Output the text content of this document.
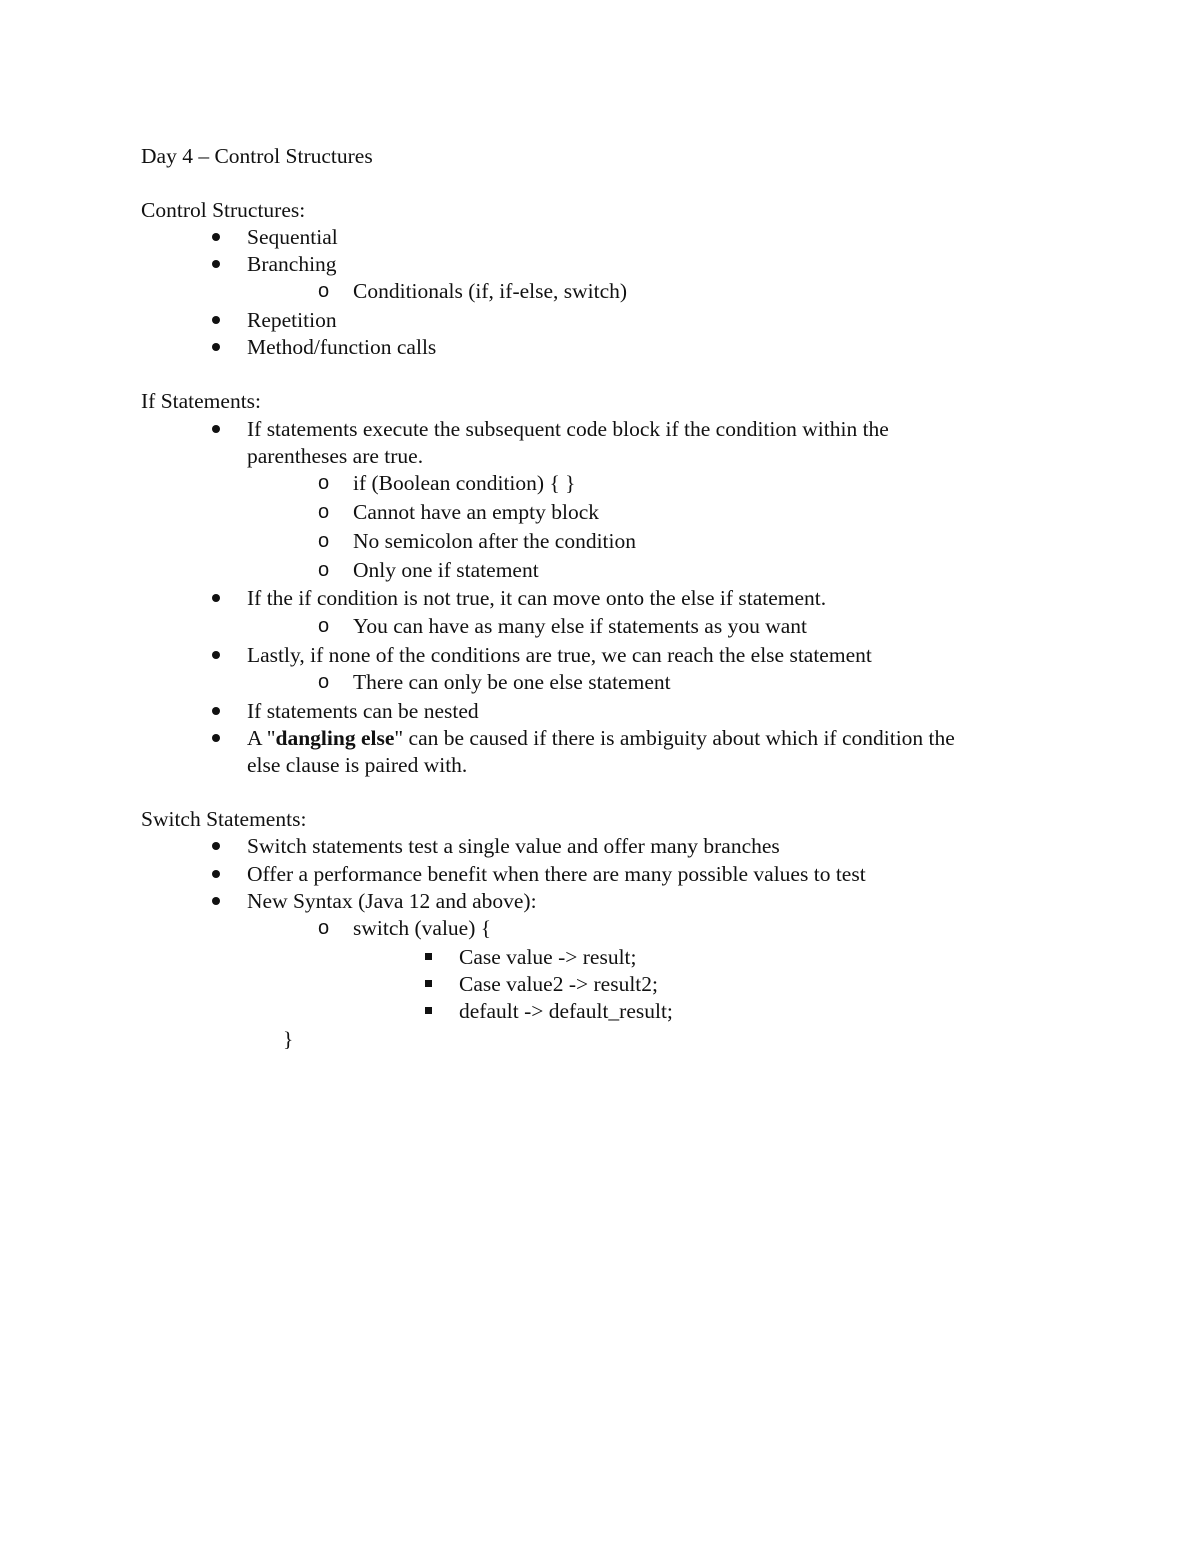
Day 4 – Control Structures
Control Structures:
Sequential
Branching
o Conditionals (if, if-else, switch)
Repetition
Method/function calls
If Statements:
If statements execute the subsequent code block if the condition within the
parentheses are true.
o if (Boolean condition) { }
o Cannot have an empty block
o No semicolon after the condition
o Only one if statement
If the if condition is not true, it can move onto the else if statement.
o You can have as many else if statements as you want
Lastly, if none of the conditions are true, we can reach the else statement
o There can only be one else statement
If statements can be nested
A "dangling else" can be caused if there is ambiguity about which if condition the
else clause is paired with.
Switch Statements:
Switch statements test a single value and offer many branches
Offer a performance benefit when there are many possible values to test
New Syntax (Java 12 and above):
o switch (value) {
Case value -> result;
Case value2 -> result2;
default -> default_result;
}
